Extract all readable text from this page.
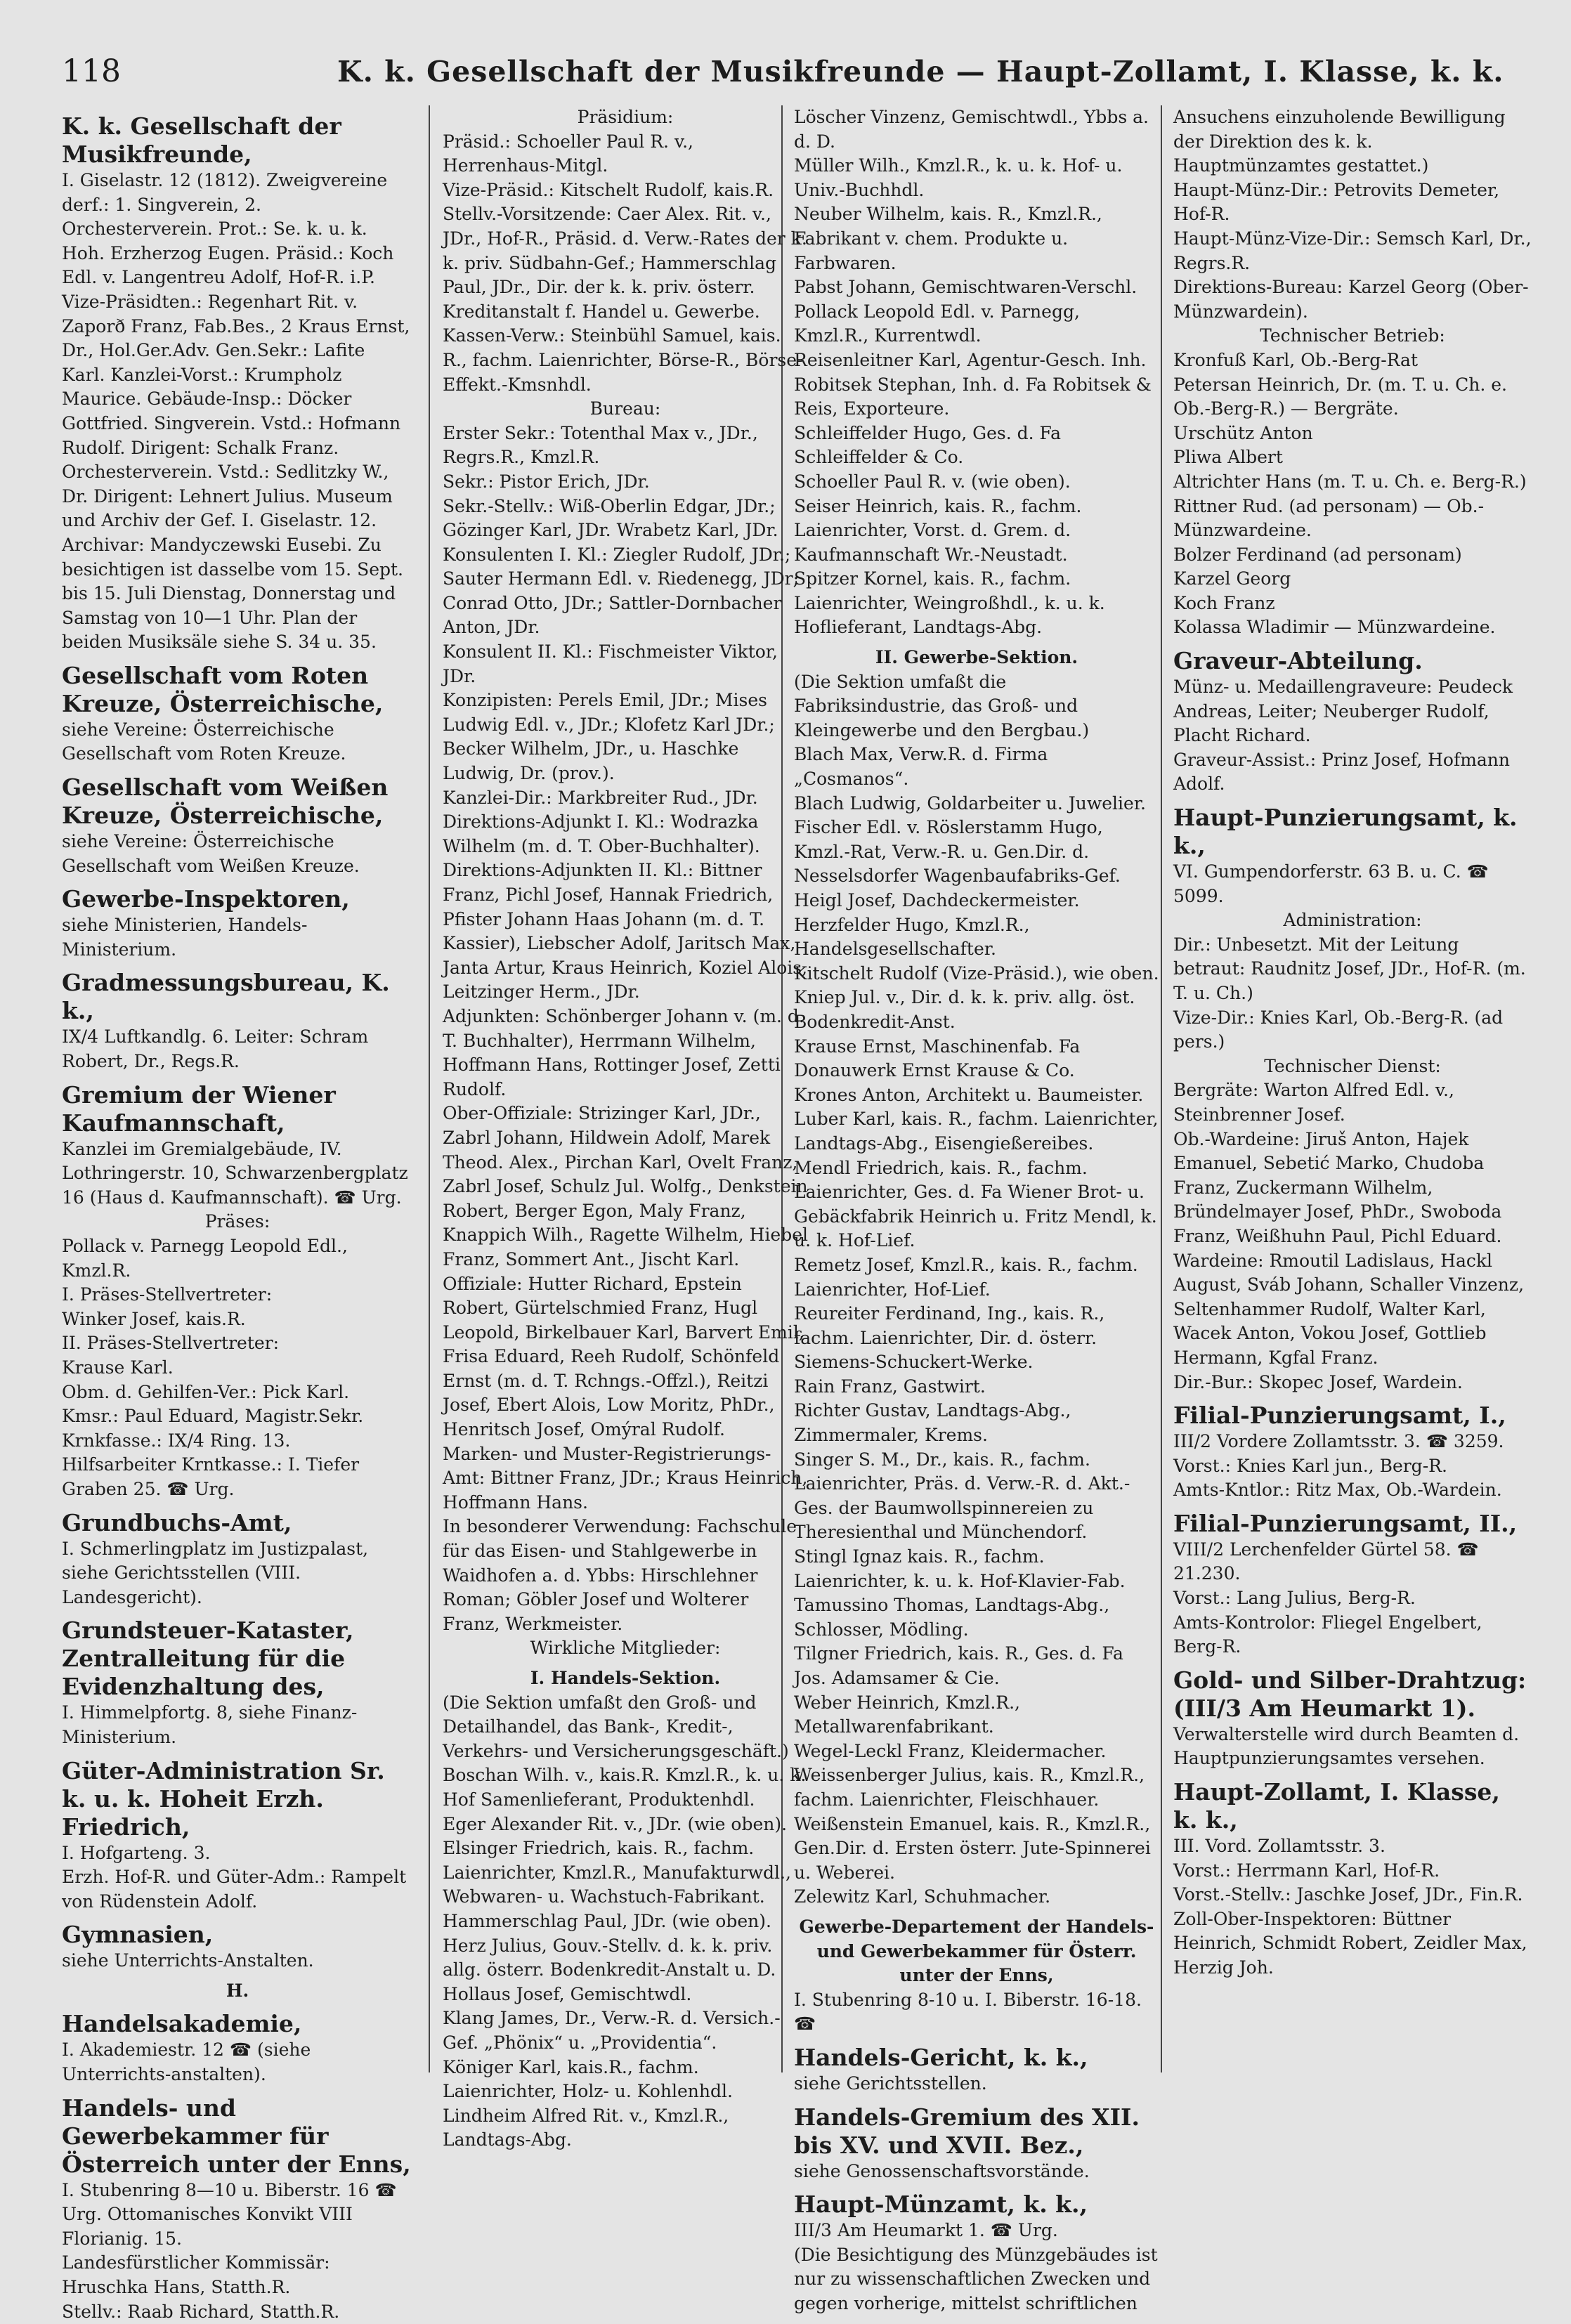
118	K. k. Gesellschaft der Musikfreunde — Haupt-Zollamt, I. Klasse, k. k.

K. k. Gesellschaft der Musikfreunde,

I. Giselastr. 12 (1812). Zweigvereine derf.: 1. Singverein, 2. Orchesterverein. Prot.: Se. k. u. k. Hoh. Erzherzog Eugen. Präsid.: Koch Edl. v. Langentreu Adolf, Hof-R. i.P. Vize-Präsidten.: Regenhart Rit. v. Zaporð Franz, Fab.Bes., 2 Kraus Ernst, Dr., Hol.Ger.Adv. Gen.Sekr.: Lafite Karl. Kanzlei-Vorst.: Krumpholz Maurice. Gebäude-Insp.: Döcker Gottfried. Singverein. Vstd.: Hofmann Rudolf. Dirigent: Schalk Franz. Orchesterverein. Vstd.: Sedlitzky W., Dr. Dirigent: Lehnert Julius. Museum und Archiv der Gef. I. Giselastr. 12. Archivar: Mandyczewski Eusebi. Zu besichtigen ist dasselbe vom 15. Sept. bis 15. Juli Dienstag, Donnerstag und Samstag von 10—1 Uhr. Plan der beiden Musiksäle siehe S. 34 u. 35.

Gesellschaft vom Roten Kreuze, Österreichische,

siehe Vereine: Österreichische Gesellschaft vom Roten Kreuze.

Gesellschaft vom Weißen Kreuze, Österreichische,

siehe Vereine: Österreichische Gesellschaft vom Weißen Kreuze.

Gewerbe-Inspektoren,

siehe Ministerien, Handels-Ministerium.

Gradmessungsbureau, K. k.,

IX/4 Luftkandlg. 6. Leiter: Schram Robert, Dr., Regs.R.

Gremium der Wiener Kaufmannschaft,

Kanzlei im Gremialgebäude, IV. Lothringerstr. 10, Schwarzenbergplatz 16 (Haus d. Kaufmannschaft). ☎ Urg.

Präses:

Pollack v. Parnegg Leopold Edl., Kmzl.R.

I. Präses-Stellvertreter:

Winker Josef, kais.R.

II. Präses-Stellvertreter:

Krause Karl.

Obm. d. Gehilfen-Ver.: Pick Karl.

Kmsr.: Paul Eduard, Magistr.Sekr.

Krnkfasse.: IX/4 Ring. 13.

Hilfsarbeiter Krntkasse.: I. Tiefer Graben 25. ☎ Urg.

Grundbuchs-Amt,

I. Schmerlingplatz im Justizpalast, siehe Gerichtsstellen (VIII. Landesgericht).

Grundsteuer-Kataster, Zentralleitung für die Evidenzhaltung des,

I. Himmelpfortg. 8, siehe Finanz-Ministerium.

Güter-Administration Sr. k. u. k. Hoheit Erzh. Friedrich,

I. Hofgarteng. 3.

Erzh. Hof-R. und Güter-Adm.: Rampelt von Rüdenstein Adolf.

Gymnasien,

siehe Unterrichts-Anstalten.

H.

Handelsakademie,

I. Akademiestr. 12 ☎ (siehe Unterrichts-anstalten).

Handels- und Gewerbekammer für Österreich unter der Enns,

I. Stubenring 8—10 u. Biberstr. 16 ☎ Urg. Ottomanisches Konvikt VIII Florianig. 15.

Landesfürstlicher Kommissär: Hruschka Hans, Statth.R.

Stellv.: Raab Richard, Statth.R.

Präsidium:

Präsid.: Schoeller Paul R. v., Herrenhaus-Mitgl.

Vize-Präsid.: Kitschelt Rudolf, kais.R.

Stellv.-Vorsitzende: Caer Alex. Rit. v., JDr., Hof-R., Präsid. d. Verw.-Rates der k. k. priv. Südbahn-Gef.; Hammerschlag Paul, JDr., Dir. der k. k. priv. österr. Kreditanstalt f. Handel u. Gewerbe.

Kassen-Verw.: Steinbühl Samuel, kais. R., fachm. Laienrichter, Börse-R., Börse-Effekt.-Kmsnhdl.

Bureau:

Erster Sekr.: Totenthal Max v., JDr., Regrs.R., Kmzl.R.

Sekr.: Pistor Erich, JDr.

Sekr.-Stellv.: Wiß-Oberlin Edgar, JDr.; Gözinger Karl, JDr. Wrabetz Karl, JDr.

Konsulenten I. Kl.: Ziegler Rudolf, JDr.; Sauter Hermann Edl. v. Riedenegg, JDr; Conrad Otto, JDr.; Sattler-Dornbacher Anton, JDr.

Konsulent II. Kl.: Fischmeister Viktor, JDr.

Konzipisten: Perels Emil, JDr.; Mises Ludwig Edl. v., JDr.; Klofetz Karl JDr.; Becker Wilhelm, JDr., u. Haschke Ludwig, Dr. (prov.).

Kanzlei-Dir.: Markbreiter Rud., JDr.

Direktions-Adjunkt I. Kl.: Wodrazka Wilhelm (m. d. T. Ober-Buchhalter).

Direktions-Adjunkten II. Kl.: Bittner Franz, Pichl Josef, Hannak Friedrich, Pfister Johann Haas Johann (m. d. T. Kassier), Liebscher Adolf, Jaritsch Max, Janta Artur, Kraus Heinrich, Koziel Alois, Leitzinger Herm., JDr.

Adjunkten: Schönberger Johann v. (m. d. T. Buchhalter), Herrmann Wilhelm, Hoffmann Hans, Rottinger Josef, Zetti Rudolf.

Ober-Offiziale: Strizinger Karl, JDr., Zabrl Johann, Hildwein Adolf, Marek Theod. Alex., Pirchan Karl, Ovelt Franz, Zabrl Josef, Schulz Jul. Wolfg., Denkstein Robert, Berger Egon, Maly Franz, Knappich Wilh., Ragette Wilhelm, Hiebel Franz, Sommert Ant., Jischt Karl.

Offiziale: Hutter Richard, Epstein Robert, Gürtelschmied Franz, Hugl Leopold, Birkelbauer Karl, Barvert Emil, Frisa Eduard, Reeh Rudolf, Schönfeld Ernst (m. d. T. Rchngs.-Offzl.), Reitzi Josef, Ebert Alois, Low Moritz, PhDr., Henritsch Josef, Omýral Rudolf.

Marken- und Muster-Registrierungs-Amt: Bittner Franz, JDr.; Kraus Heinrich, Hoffmann Hans.

In besonderer Verwendung: Fachschule für das Eisen- und Stahlgewerbe in Waidhofen a. d. Ybbs: Hirschlehner Roman; Göbler Josef und Wolterer Franz, Werkmeister.

Wirkliche Mitglieder:

I. Handels-Sektion.

(Die Sektion umfaßt den Groß- und Detailhandel, das Bank-, Kredit-, Verkehrs- und Versicherungsgeschäft.)

Boschan Wilh. v., kais.R. Kmzl.R., k. u. k. Hof Samenlieferant, Produktenhdl.

Eger Alexander Rit. v., JDr. (wie oben).

Elsinger Friedrich, kais. R., fachm. Laienrichter, Kmzl.R., Manufakturwdl., Webwaren- u. Wachstuch-Fabrikant.

Hammerschlag Paul, JDr. (wie oben).

Herz Julius, Gouv.-Stellv. d. k. k. priv. allg. österr. Bodenkredit-Anstalt u. D. Hollaus Josef, Gemischtwdl.

Klang James, Dr., Verw.-R. d. Versich.-Gef. „Phönix“ u. „Providentia“.

Königer Karl, kais.R., fachm. Laienrichter, Holz- u. Kohlenhdl.

Lindheim Alfred Rit. v., Kmzl.R., Landtags-Abg.

Löscher Vinzenz, Gemischtwdl., Ybbs a. d. D.

Müller Wilh., Kmzl.R., k. u. k. Hof- u. Univ.-Buchhdl.

Neuber Wilhelm, kais. R., Kmzl.R., Fabrikant v. chem. Produkte u. Farbwaren.

Pabst Johann, Gemischtwaren-Verschl.

Pollack Leopold Edl. v. Parnegg, Kmzl.R., Kurrentwdl.

Reisenleitner Karl, Agentur-Gesch. Inh.

Robitsek Stephan, Inh. d. Fa Robitsek & Reis, Exporteure.

Schleiffelder Hugo, Ges. d. Fa Schleiffelder & Co.

Schoeller Paul R. v. (wie oben).

Seiser Heinrich, kais. R., fachm. Laienrichter, Vorst. d. Grem. d. Kaufmannschaft Wr.-Neustadt.

Spitzer Kornel, kais. R., fachm. Laienrichter, Weingroßhdl., k. u. k. Hoflieferant, Landtags-Abg.

II. Gewerbe-Sektion.

(Die Sektion umfaßt die Fabriksindustrie, das Groß- und Kleingewerbe und den Bergbau.)

Blach Max, Verw.R. d. Firma „Cosmanos“.

Blach Ludwig, Goldarbeiter u. Juwelier.

Fischer Edl. v. Röslerstamm Hugo, Kmzl.-Rat, Verw.-R. u. Gen.Dir. d. Nesselsdorfer Wagenbaufabriks-Gef.

Heigl Josef, Dachdeckermeister.

Herzfelder Hugo, Kmzl.R., Handelsgesellschafter.

Kitschelt Rudolf (Vize-Präsid.), wie oben.

Kniep Jul. v., Dir. d. k. k. priv. allg. öst. Bodenkredit-Anst.

Krause Ernst, Maschinenfab. Fa Donauwerk Ernst Krause & Co.

Krones Anton, Architekt u. Baumeister.

Luber Karl, kais. R., fachm. Laienrichter, Landtags-Abg., Eisengießereibes.

Mendl Friedrich, kais. R., fachm. Laienrichter, Ges. d. Fa Wiener Brot- u. Gebäckfabrik Heinrich u. Fritz Mendl, k. u. k. Hof-Lief.

Remetz Josef, Kmzl.R., kais. R., fachm. Laienrichter, Hof-Lief.

Reureiter Ferdinand, Ing., kais. R., fachm. Laienrichter, Dir. d. österr. Siemens-Schuckert-Werke.

Rain Franz, Gastwirt.

Richter Gustav, Landtags-Abg., Zimmermaler, Krems.

Singer S. M., Dr., kais. R., fachm. Laienrichter, Präs. d. Verw.-R. d. Akt.-Ges. der Baumwollspinnereien zu Theresienthal und Münchendorf.

Stingl Ignaz kais. R., fachm. Laienrichter, k. u. k. Hof-Klavier-Fab.

Tamussino Thomas, Landtags-Abg., Schlosser, Mödling.

Tilgner Friedrich, kais. R., Ges. d. Fa Jos. Adamsamer & Cie.

Weber Heinrich, Kmzl.R., Metallwarenfabrikant.

Wegel-Leckl Franz, Kleidermacher.

Weissenberger Julius, kais. R., Kmzl.R., fachm. Laienrichter, Fleischhauer.

Weißenstein Emanuel, kais. R., Kmzl.R., Gen.Dir. d. Ersten österr. Jute-Spinnerei u. Weberei.

Zelewitz Karl, Schuhmacher.

Gewerbe-Departement der Handels- und Gewerbekammer für Österr. unter der Enns,

I. Stubenring 8-10 u. I. Biberstr. 16-18. ☎

Handels-Gericht, k. k.,

siehe Gerichtsstellen.

Handels-Gremium des XII. bis XV. und XVII. Bez.,

siehe Genossenschaftsvorstände.

Haupt-Münzamt, k. k.,

III/3 Am Heumarkt 1. ☎ Urg.

(Die Besichtigung des Münzgebäudes ist nur zu wissenschaftlichen Zwecken und gegen vorherige, mittelst schriftlichen

Ansuchens einzuholende Bewilligung der Direktion des k. k. Hauptmünzamtes gestattet.)

Haupt-Münz-Dir.: Petrovits Demeter, Hof-R.

Haupt-Münz-Vize-Dir.: Semsch Karl, Dr., Regrs.R.

Direktions-Bureau: Karzel Georg (Ober-Münzwardein).

Technischer Betrieb:

Kronfuß Karl, Ob.-Berg-Rat

Petersan Heinrich, Dr. (m. T. u. Ch. e. Ob.-Berg-R.) — Bergräte.

Urschütz Anton

Pliwa Albert

Altrichter Hans (m. T. u. Ch. e. Berg-R.)

Rittner Rud. (ad personam) — Ob.-Münzwardeine.

Bolzer Ferdinand (ad personam)

Karzel Georg

Koch Franz

Kolassa Wladimir — Münzwardeine.

Graveur-Abteilung.

Münz- u. Medaillengraveure: Peudeck Andreas, Leiter; Neuberger Rudolf, Placht Richard.

Graveur-Assist.: Prinz Josef, Hofmann Adolf.

Haupt-Punzierungsamt, k. k.,

VI. Gumpendorferstr. 63 B. u. C. ☎ 5099.

Administration:

Dir.: Unbesetzt. Mit der Leitung betraut: Raudnitz Josef, JDr., Hof-R. (m. T. u. Ch.)

Vize-Dir.: Knies Karl, Ob.-Berg-R. (ad pers.)

Technischer Dienst:

Bergräte: Warton Alfred Edl. v., Steinbrenner Josef.

Ob.-Wardeine: Jiruš Anton, Hajek Emanuel, Sebetić Marko, Chudoba Franz, Zuckermann Wilhelm, Bründelmayer Josef, PhDr., Swoboda Franz, Weißhuhn Paul, Pichl Eduard.

Wardeine: Rmoutil Ladislaus, Hackl August, Sváb Johann, Schaller Vinzenz, Seltenhammer Rudolf, Walter Karl, Wacek Anton, Vokou Josef, Gottlieb Hermann, Kgfal Franz.

Dir.-Bur.: Skopec Josef, Wardein.

Filial-Punzierungsamt, I.,

III/2 Vordere Zollamtsstr. 3. ☎ 3259.

Vorst.: Knies Karl jun., Berg-R.

Amts-Kntlor.: Ritz Max, Ob.-Wardein.

Filial-Punzierungsamt, II.,

VIII/2 Lerchenfelder Gürtel 58. ☎ 21.230.

Vorst.: Lang Julius, Berg-R.

Amts-Kontrolor: Fliegel Engelbert, Berg-R.

Gold- und Silber-Drahtzug: (III/3 Am Heumarkt 1).

Verwalterstelle wird durch Beamten d. Hauptpunzierungsamtes versehen.

Haupt-Zollamt, I. Klasse, k. k.,

III. Vord. Zollamtsstr. 3.

Vorst.: Herrmann Karl, Hof-R.

Vorst.-Stellv.: Jaschke Josef, JDr., Fin.R.

Zoll-Ober-Inspektoren: Büttner Heinrich, Schmidt Robert, Zeidler Max, Herzig Joh.
